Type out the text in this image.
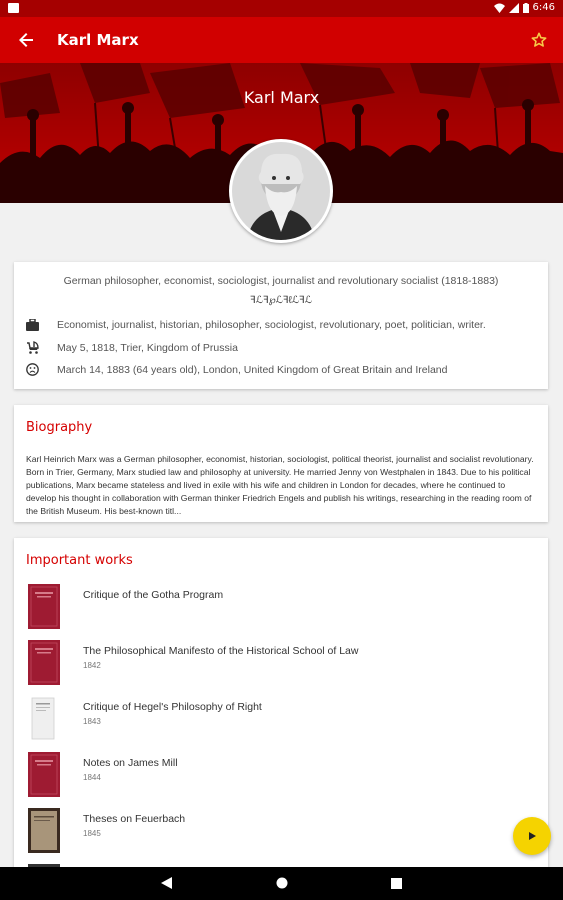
6:46
Karl Marx
Karl Marx
German philosopher, economist, sociologist, journalist and revolutionary socialist (1818-1883)
ꟻℒꟻ℘ℒꟻℓℒꟻℒ
Economist, journalist, historian, philosopher, sociologist, revolutionary, poet, politician, writer.
May 5, 1818, Trier, Kingdom of Prussia
March 14, 1883 (64 years old), London, United Kingdom of Great Britain and Ireland
Biography
Karl Heinrich Marx was a German philosopher, economist, historian, sociologist, political theorist, journalist and socialist revolutionary. Born in Trier, Germany, Marx studied law and philosophy at university. He married Jenny von Westphalen in 1843. Due to his political publications, Marx became stateless and lived in exile with his wife and children in London for decades, where he continued to develop his thought in collaboration with German thinker Friedrich Engels and publish his writings, researching in the reading room of the British Museum. His best-known titl...
Important works
Critique of the Gotha Program
The Philosophical Manifesto of the Historical School of Law
1842
Critique of Hegel's Philosophy of Right
1843
Notes on James Mill
1844
Theses on Feuerbach
1845
